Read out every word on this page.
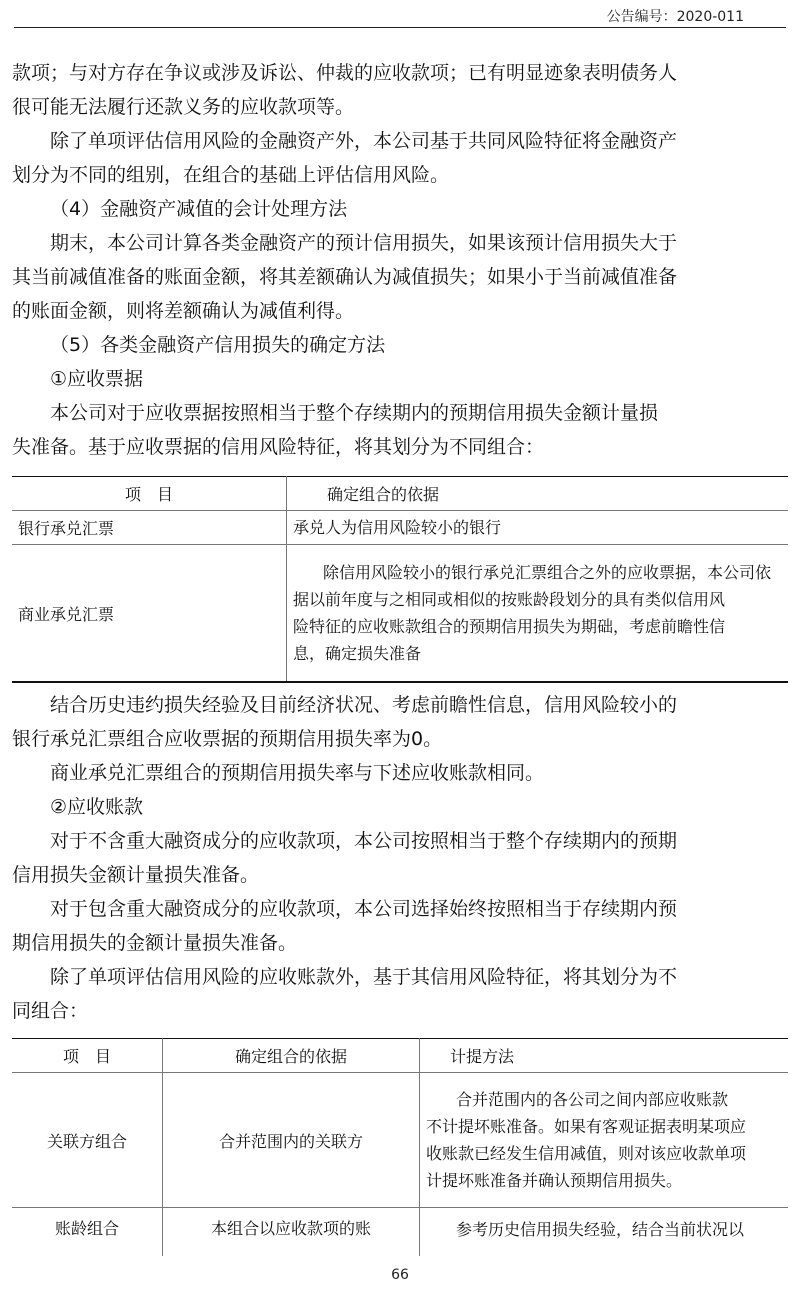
公告编号：2020-011
款项；与对方存在争议或涉及诉讼、仲裁的应收款项；已有明显迹象表明债务人
很可能无法履行还款义务的应收款项等。
除了单项评估信用风险的金融资产外，本公司基于共同风险特征将金融资产
划分为不同的组别，在组合的基础上评估信用风险。
（4）金融资产减值的会计处理方法
期末，本公司计算各类金融资产的预计信用损失，如果该预计信用损失大于
其当前减值准备的账面金额，将其差额确认为减值损失；如果小于当前减值准备
的账面金额，则将差额确认为减值利得。
（5）各类金融资产信用损失的确定方法
①应收票据
本公司对于应收票据按照相当于整个存续期内的预期信用损失金额计量损
失准备。基于应收票据的信用风险特征，将其划分为不同组合：
项　目	确定组合的依据
银行承兑汇票	承兑人为信用风险较小的银行

商业承兑汇票	除信用风险较小的银行承兑汇票组合之外的应收票据，本公司依
据以前年度与之相同或相似的按账龄段划分的具有类似信用风
险特征的应收账款组合的预期信用损失为期础，考虑前瞻性信
息，确定损失准备
结合历史违约损失经验及目前经济状况、考虑前瞻性信息，信用风险较小的
银行承兑汇票组合应收票据的预期信用损失率为0。
商业承兑汇票组合的预期信用损失率与下述应收账款相同。
②应收账款
对于不含重大融资成分的应收款项，本公司按照相当于整个存续期内的预期
信用损失金额计量损失准备。
对于包含重大融资成分的应收款项，本公司选择始终按照相当于存续期内预
期信用损失的金额计量损失准备。
除了单项评估信用风险的应收账款外，基于其信用风险特征，将其划分为不
同组合：
项　目	确定组合的依据	计提方法
关联方组合	合并范围内的关联方	合并范围内的各公司之间内部应收账款
不计提坏账准备。如果有客观证据表明某项应
收账款已经发生信用减值，则对该应收款单项
计提坏账准备并确认预期信用损失。

账龄组合	本组合以应收款项的账	参考历史信用损失经验，结合当前状况以
66
